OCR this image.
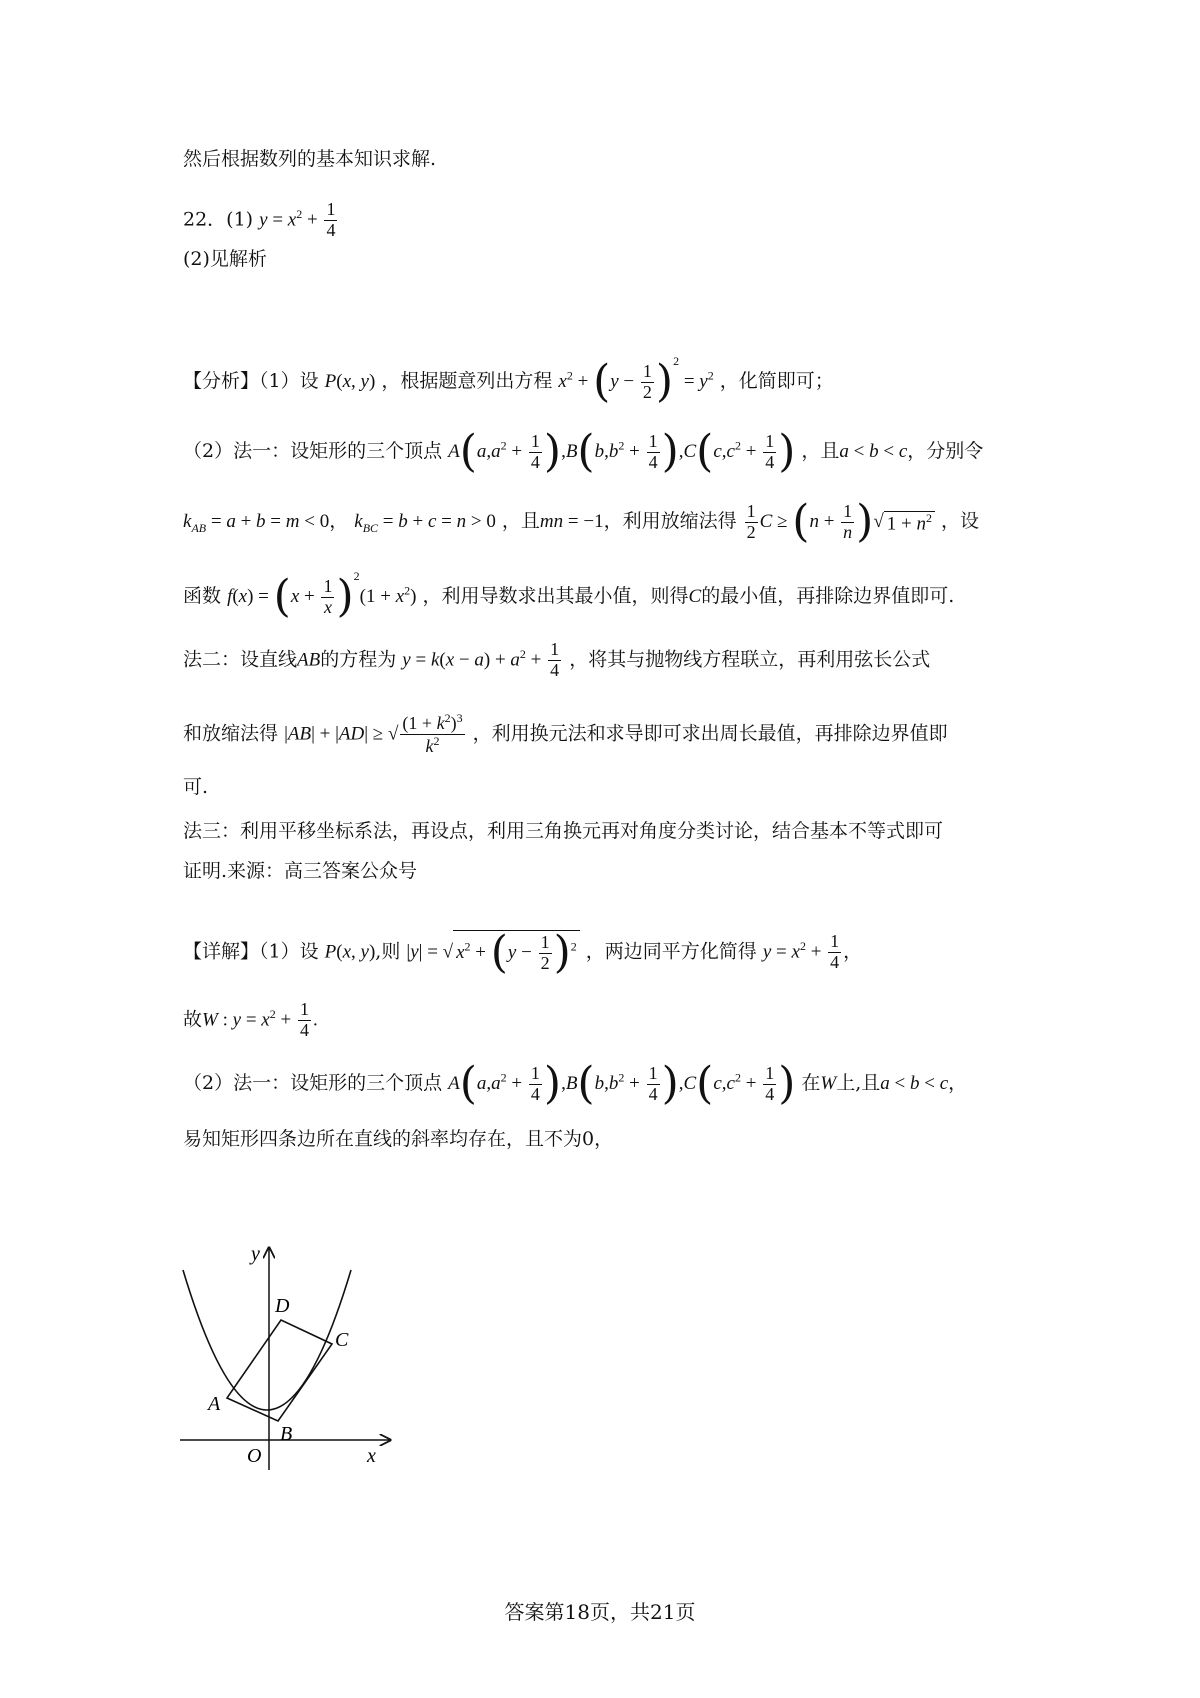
然后根据数列的基本知识求解.
22．(1) $y = x^2 + \frac{1}{4}$
(2)见解析
【分析】（1）设 P(x, y) ，根据题意列出方程 $x^2 + (y - \frac{1}{2} )^2 = y^2$ ，化简即可；
（2）法一：设矩形的三个顶点 $A(a,a^2 + \frac{1}{4} ),B(b,b^2 + \frac{1}{4} ),C(c,c^2 + \frac{1}{4}$ ) ，且a < b < c，分别令
$k_{AB} = a + b = m < 0$， $k_{BC} = b + c = n > 0$ ，且mn = −1，利用放缩法得 $\frac{1}{2}$ $C \ge (n + \frac{1}{n}$ )√ $1 + n^2$ ，设
函数 $f(x) = (x + \frac{1}{x} )^2(1 + x^2)$ ，利用导数求出其最小值，则得C的最小值，再排除边界值即可.
法二：设直线AB的方程为 $y = k(x - a) + a^2 + \frac{1}{4}$ ，将其与抛物线方程联立，再利用弦长公式
和放缩法得 |AB| + |AD| ≥ √ $\frac{(1 + k^2)^3}{k^2}$ ，利用换元法和求导即可求出周长最值，再排除边界值即
可.
法三：利用平移坐标系法，再设点，利用三角换元再对角度分类讨论，结合基本不等式即可
证明.来源：高三答案公众号
【详解】（1）设 P(x, y),则 |y| = √ $x^2 + (y - \frac{1}{2} )^2$ ，两边同平方化简得 $y = x^2 + \frac{1}{4}$ ，
故W : $y = x^2 + \frac{1}{4}$ .
（2）法一：设矩形的三个顶点 $A(a,a^2 + \frac{1}{4} ),B(b,b^2 + \frac{1}{4} ),C(c,c^2 + \frac{1}{4}$ ) 在W上,且a < b < c，
易知矩形四条边所在直线的斜率均存在，且不为0，
y
x
O
A
B
C
D
答案第18页，共21页
